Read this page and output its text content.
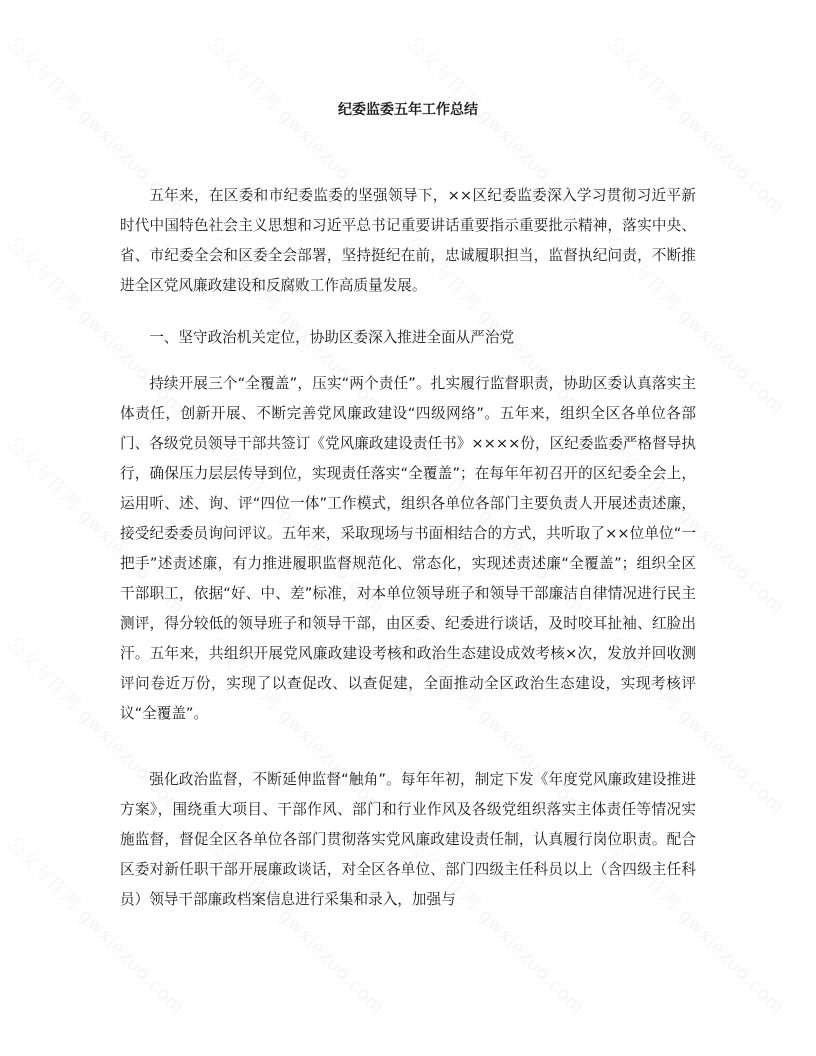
纪委监委五年工作总结

五年来，在区委和市纪委监委的坚强领导下，××区纪委监委深入学习贯彻习近平新时代中国特色社会主义思想和习近平总书记重要讲话重要指示重要批示精神，落实中央、省、市纪委全会和区委全会部署，坚持挺纪在前，忠诚履职担当，监督执纪问责，不断推进全区党风廉政建设和反腐败工作高质量发展。

一、坚守政治机关定位，协助区委深入推进全面从严治党

持续开展三个“全覆盖”，压实“两个责任”。扎实履行监督职责，协助区委认真落实主体责任，创新开展、不断完善党风廉政建设“四级网络”。五年来，组织全区各单位各部门、各级党员领导干部共签订《党风廉政建设责任书》××××份，区纪委监委严格督导执行，确保压力层层传导到位，实现责任落实“全覆盖”；在每年年初召开的区纪委全会上，运用听、述、询、评“四位一体”工作模式，组织各单位各部门主要负责人开展述责述廉，接受纪委委员询问评议。五年来，采取现场与书面相结合的方式，共听取了××位单位“一把手”述责述廉，有力推进履职监督规范化、常态化，实现述责述廉“全覆盖”；组织全区干部职工，依据“好、中、差”标准，对本单位领导班子和领导干部廉洁自律情况进行民主测评，得分较低的领导班子和领导干部，由区委、纪委进行谈话，及时咬耳扯袖、红脸出汗。五年来，共组织开展党风廉政建设考核和政治生态建设成效考核×次，发放并回收测评问卷近万份，实现了以查促改、以查促建，全面推动全区政治生态建设，实现考核评议“全覆盖”。

强化政治监督，不断延伸监督“触角”。每年年初，制定下发《年度党风廉政建设推进方案》，围绕重大项目、干部作风、部门和行业作风及各级党组织落实主体责任等情况实施监督，督促全区各单位各部门贯彻落实党风廉政建设责任制，认真履行岗位职责。配合区委对新任职干部开展廉政谈话，对全区各单位、部门四级主任科员以上（含四级主任科员）领导干部廉政档案信息进行采集和录入，加强与
